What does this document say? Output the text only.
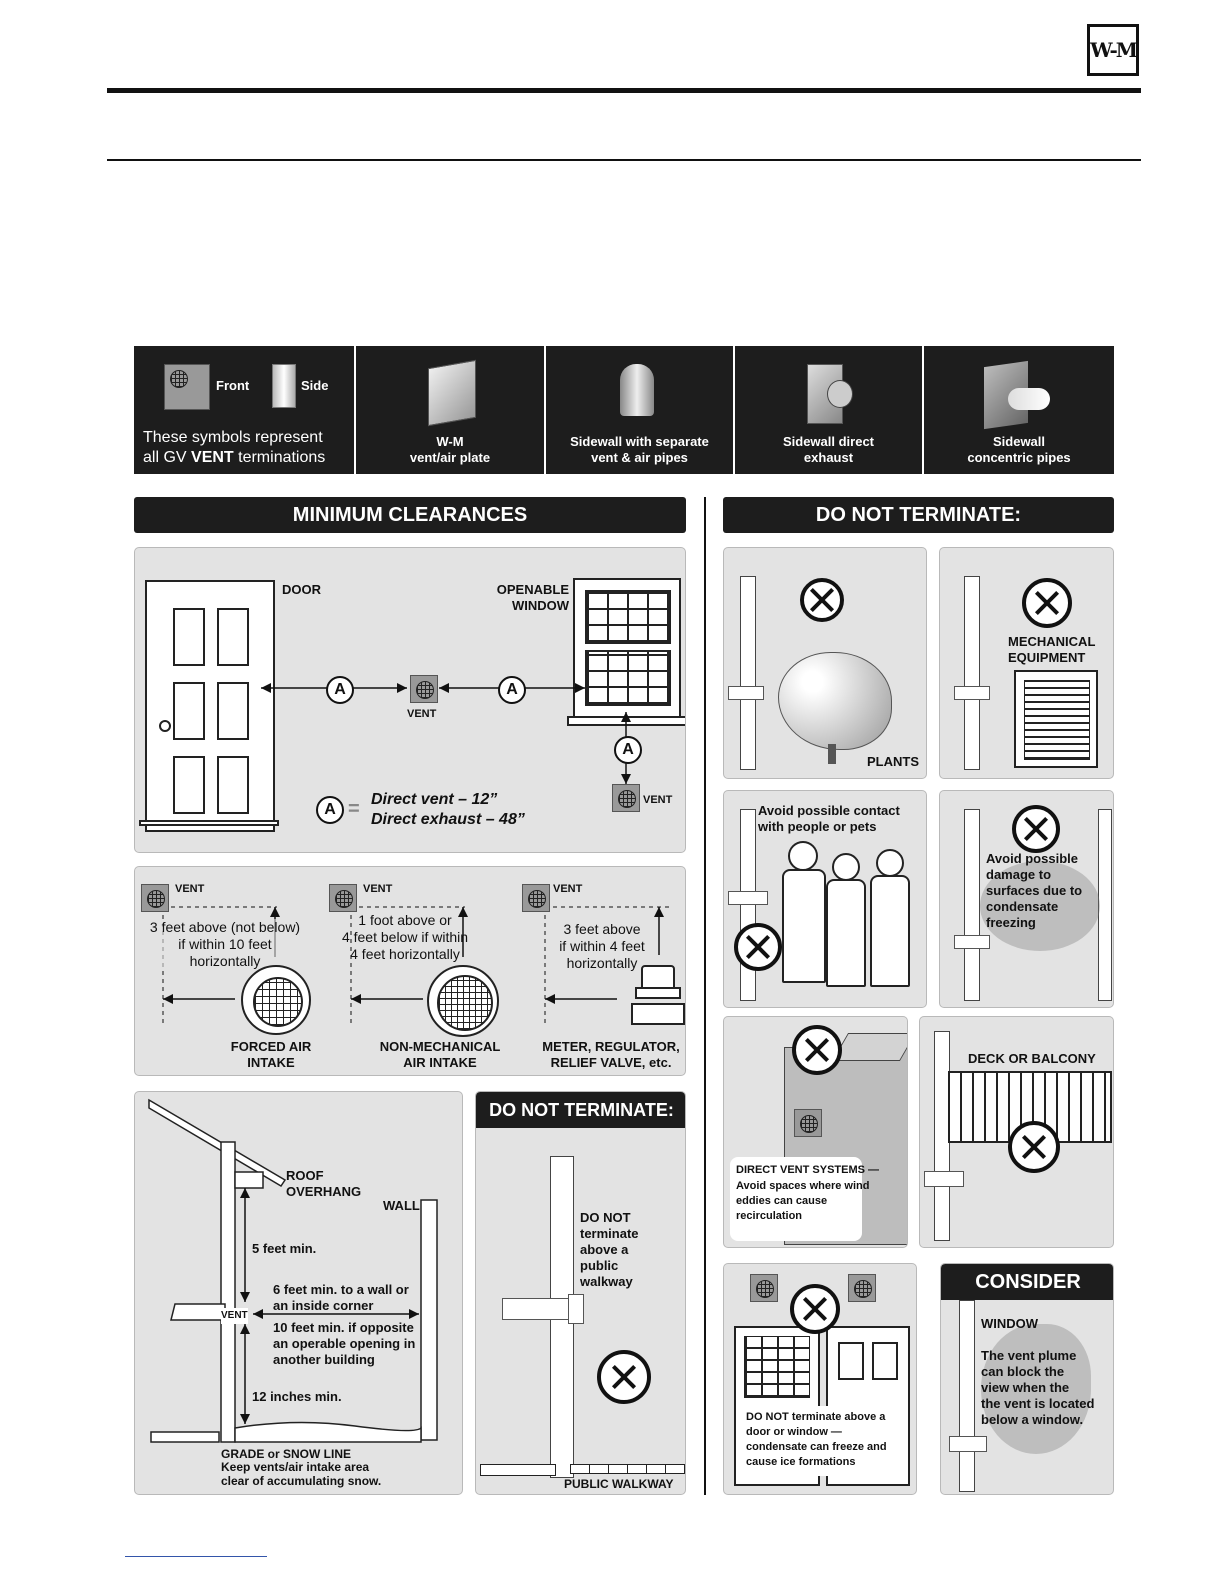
W-M
Front	Side
These symbols represent
all GV VENT terminations
W-M
vent/air plate
Sidewall with separate
vent & air pipes
Sidewall direct
exhaust
Sidewall
concentric pipes
MINIMUM CLEARANCES
DOOR	OPENABLE
WINDOW
A	A
A
VENT
VENT
A = Direct vent – 12”
Direct exhaust – 48”
VENT
3 feet above (not below)
if within 10 feet
horizontally
FORCED AIR
INTAKE
VENT
1 foot above or
4 feet below if within
4 feet horizontally
NON-MECHANICAL
AIR INTAKE
VENT
3 feet above
if within 4 feet
horizontally
METER, REGULATOR,
RELIEF VALVE, etc.
ROOF
OVERHANG
WALL
5 feet min.
VENT
6 feet min. to a wall or
an inside corner
10 feet min. if opposite
an operable opening in
another building
12 inches min.
GRADE or SNOW LINE
Keep vents/air intake area
clear of accumulating snow.
DO NOT TERMINATE:
DO NOT
terminate
above a
public
walkway
PUBLIC WALKWAY
DO NOT TERMINATE:
PLANTS
MECHANICAL
EQUIPMENT
Avoid possible contact
with people or pets
Avoid possible
damage to
surfaces due to
condensate
freezing
DIRECT VENT SYSTEMS —
Avoid spaces where wind
eddies can cause
recirculation
DECK OR BALCONY
DO NOT terminate above a
door or window —
condensate can freeze and
cause ice formations
CONSIDER
WINDOW
The vent plume
can block the
view when the
the vent is located
below a window.
